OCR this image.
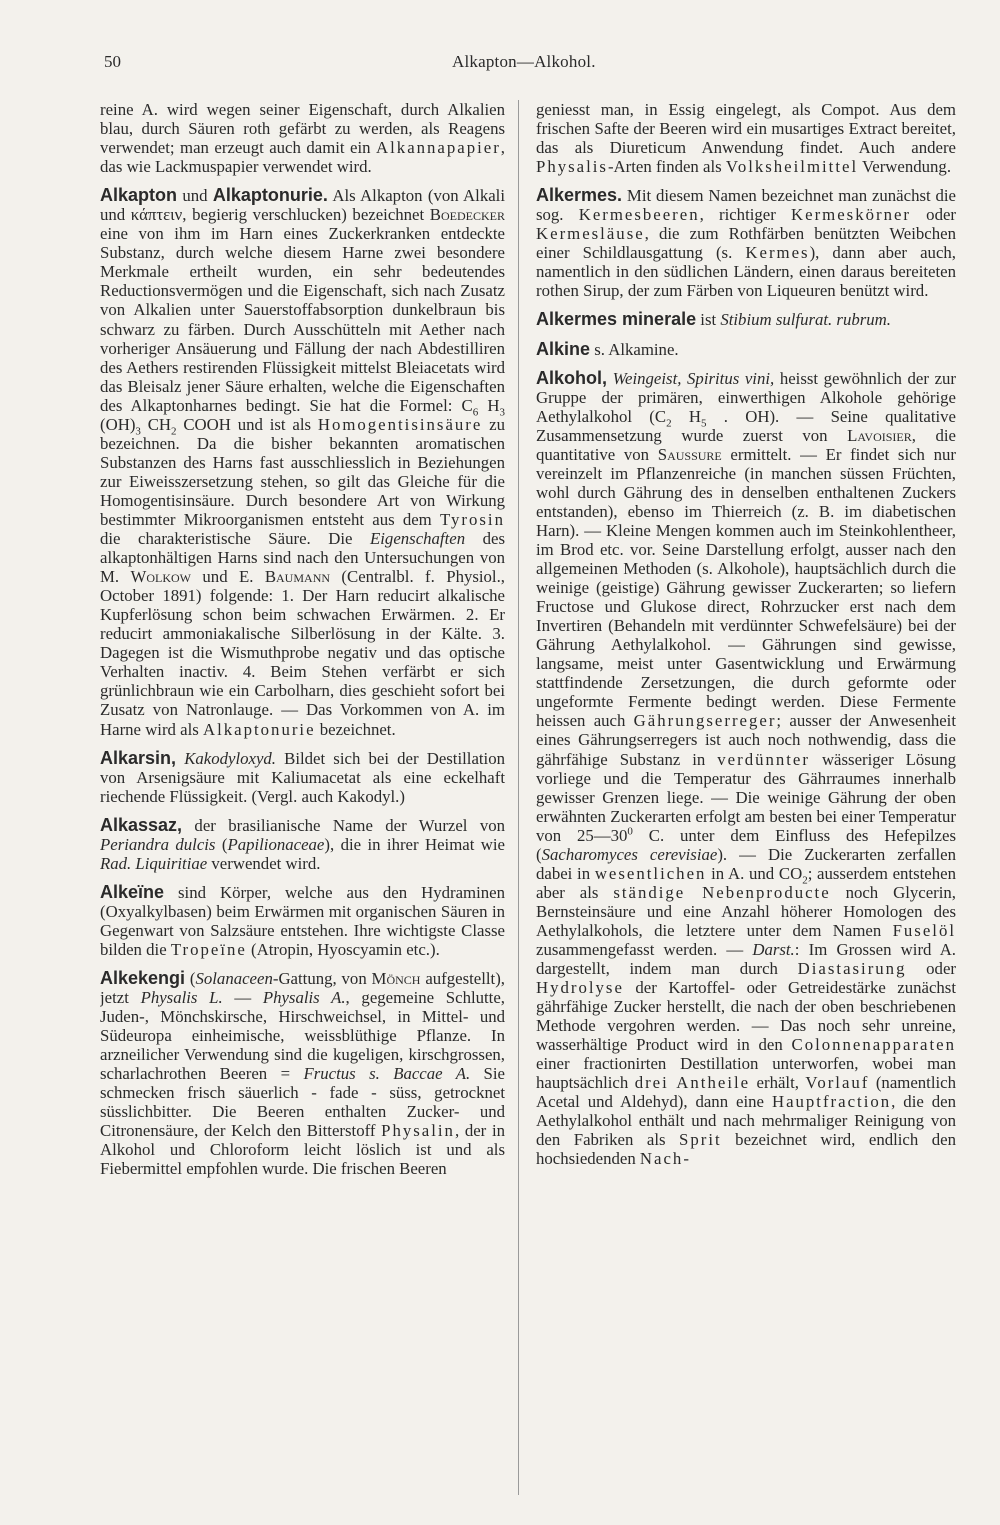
50	Alkapton—Alkohol.

reine A. wird wegen seiner Eigenschaft, durch Alkalien blau, durch Säuren roth gefärbt zu werden, als Reagens verwendet; man erzeugt auch damit ein Alkannapapier, das wie Lackmuspapier verwendet wird.

Alkapton und Alkaptonurie. Als Alkapton (von Alkali und κάπτειν, begierig verschlucken) bezeichnet Boedecker eine von ihm im Harn eines Zuckerkranken entdeckte Substanz, durch welche diesem Harne zwei besondere Merkmale ertheilt wurden, ein sehr bedeutendes Reductionsvermögen und die Eigenschaft, sich nach Zusatz von Alkalien unter Sauerstoffabsorption dunkelbraun bis schwarz zu färben. Durch Ausschütteln mit Aether nach vorheriger Ansäuerung und Fällung der nach Abdestilliren des Aethers restirenden Flüssigkeit mittelst Bleiacetats wird das Bleisalz jener Säure erhalten, welche die Eigenschaften des Alkaptonharnes bedingt. Sie hat die Formel: $C_6$ $H_3$ $(OH)_3$ $CH_2$ COOH und ist als Homogentisinsäure zu bezeichnen. Da die bisher bekannten aromatischen Substanzen des Harns fast ausschliesslich in Beziehungen zur Eiweisszersetzung stehen, so gilt das Gleiche für die Homogentisinsäure. Durch besondere Art von Wirkung bestimmter Mikroorganismen entsteht aus dem Tyrosin die charakteristische Säure. Die Eigenschaften des alkaptonhältigen Harns sind nach den Untersuchungen von M. Wolkow und E. Baumann (Centralbl. f. Physiol., October 1891) folgende: 1. Der Harn reducirt alkalische Kupferlösung schon beim schwachen Erwärmen. 2. Er reducirt ammoniakalische Silberlösung in der Kälte. 3. Dagegen ist die Wismuthprobe negativ und das optische Verhalten inactiv. 4. Beim Stehen verfärbt er sich grünlichbraun wie ein Carbolharn, dies geschieht sofort bei Zusatz von Natronlauge. — Das Vorkommen von A. im Harne wird als Alkaptonurie bezeichnet.

Alkarsin, Kakodyloxyd. Bildet sich bei der Destillation von Arsenigsäure mit Kaliumacetat als eine eckelhaft riechende Flüssigkeit. (Vergl. auch Kakodyl.)

Alkassaz, der brasilianische Name der Wurzel von Periandra dulcis (Papilionaceae), die in ihrer Heimat wie Rad. Liquiritiae verwendet wird.

Alkeïne sind Körper, welche aus den Hydraminen (Oxyalkylbasen) beim Erwärmen mit organischen Säuren in Gegenwart von Salzsäure entstehen. Ihre wichtigste Classe bilden die Tropeïne (Atropin, Hyoscyamin etc.).

Alkekengi (Solanaceen-Gattung, von Mönch aufgestellt), jetzt Physalis L. — Physalis A., gegemeine Schlutte, Juden-, Mönchskirsche, Hirschweichsel, in Mittel- und Südeuropa einheimische, weissblüthige Pflanze. In arzneilicher Verwendung sind die kugeligen, kirschgrossen, scharlachrothen Beeren = Fructus s. Baccae A. Sie schmecken frisch säuerlich - fade - süss, getrocknet süsslichbitter. Die Beeren enthalten Zucker- und Citronensäure, der Kelch den Bitterstoff Physalin, der in Alkohol und Chloroform leicht löslich ist und als Fiebermittel empfohlen wurde. Die frischen Beeren

geniesst man, in Essig eingelegt, als Compot. Aus dem frischen Safte der Beeren wird ein musartiges Extract bereitet, das als Diureticum Anwendung findet. Auch andere Physalis-Arten finden als Volksheilmittel Verwendung.

Alkermes. Mit diesem Namen bezeichnet man zunächst die sog. Kermesbeeren, richtiger Kermeskörner oder Kermesläuse, die zum Rothfärben benützten Weibchen einer Schildlausgattung (s. Kermes), dann aber auch, namentlich in den südlichen Ländern, einen daraus bereiteten rothen Sirup, der zum Färben von Liqueuren benützt wird.

Alkermes minerale ist Stibium sulfurat. rubrum.

Alkine s. Alkamine.

Alkohol, Weingeist, Spiritus vini, heisst gewöhnlich der zur Gruppe der primären, einwerthigen Alkohole gehörige Aethylalkohol ($C_2$ $H_5$ . OH). — Seine qualitative Zusammensetzung wurde zuerst von Lavoisier, die quantitative von Saussure ermittelt. — Er findet sich nur vereinzelt im Pflanzenreiche (in manchen süssen Früchten, wohl durch Gährung des in denselben enthaltenen Zuckers entstanden), ebenso im Thierreich (z. B. im diabetischen Harn). — Kleine Mengen kommen auch im Steinkohlentheer, im Brod etc. vor. Seine Darstellung erfolgt, ausser nach den allgemeinen Methoden (s. Alkohole), hauptsächlich durch die weinige (geistige) Gährung gewisser Zuckerarten; so liefern Fructose und Glukose direct, Rohrzucker erst nach dem Invertiren (Behandeln mit verdünnter Schwefelsäure) bei der Gährung Aethylalkohol. — Gährungen sind gewisse, langsame, meist unter Gasentwicklung und Erwärmung stattfindende Zersetzungen, die durch geformte oder ungeformte Fermente bedingt werden. Diese Fermente heissen auch Gährungserreger; ausser der Anwesenheit eines Gährungserregers ist auch noch nothwendig, dass die gährfähige Substanz in verdünnter wässeriger Lösung vorliege und die Temperatur des Gährraumes innerhalb gewisser Grenzen liege. — Die weinige Gährung der oben erwähnten Zuckerarten erfolgt am besten bei einer Temperatur von $25—30^0$ C. unter dem Einfluss des Hefepilzes (Sacharomyces cerevisiae). — Die Zuckerarten zerfallen dabei in wesentlichen in A. und $CO_2$; ausserdem entstehen aber als ständige Nebenproducte noch Glycerin, Bernsteinsäure und eine Anzahl höherer Homologen des Aethylalkohols, die letztere unter dem Namen Fuselöl zusammengefasst werden. — Darst.: Im Grossen wird A. dargestellt, indem man durch Diastasirung oder Hydrolyse der Kartoffel- oder Getreidestärke zunächst gährfähige Zucker herstellt, die nach der oben beschriebenen Methode vergohren werden. — Das noch sehr unreine, wasserhältige Product wird in den Colonnenapparaten einer fractionirten Destillation unterworfen, wobei man hauptsächlich drei Antheile erhält, Vorlauf (namentlich Acetal und Aldehyd), dann eine Hauptfraction, die den Aethylalkohol enthält und nach mehrmaliger Reinigung von den Fabriken als Sprit bezeichnet wird, endlich den hochsiedenden Nach-
